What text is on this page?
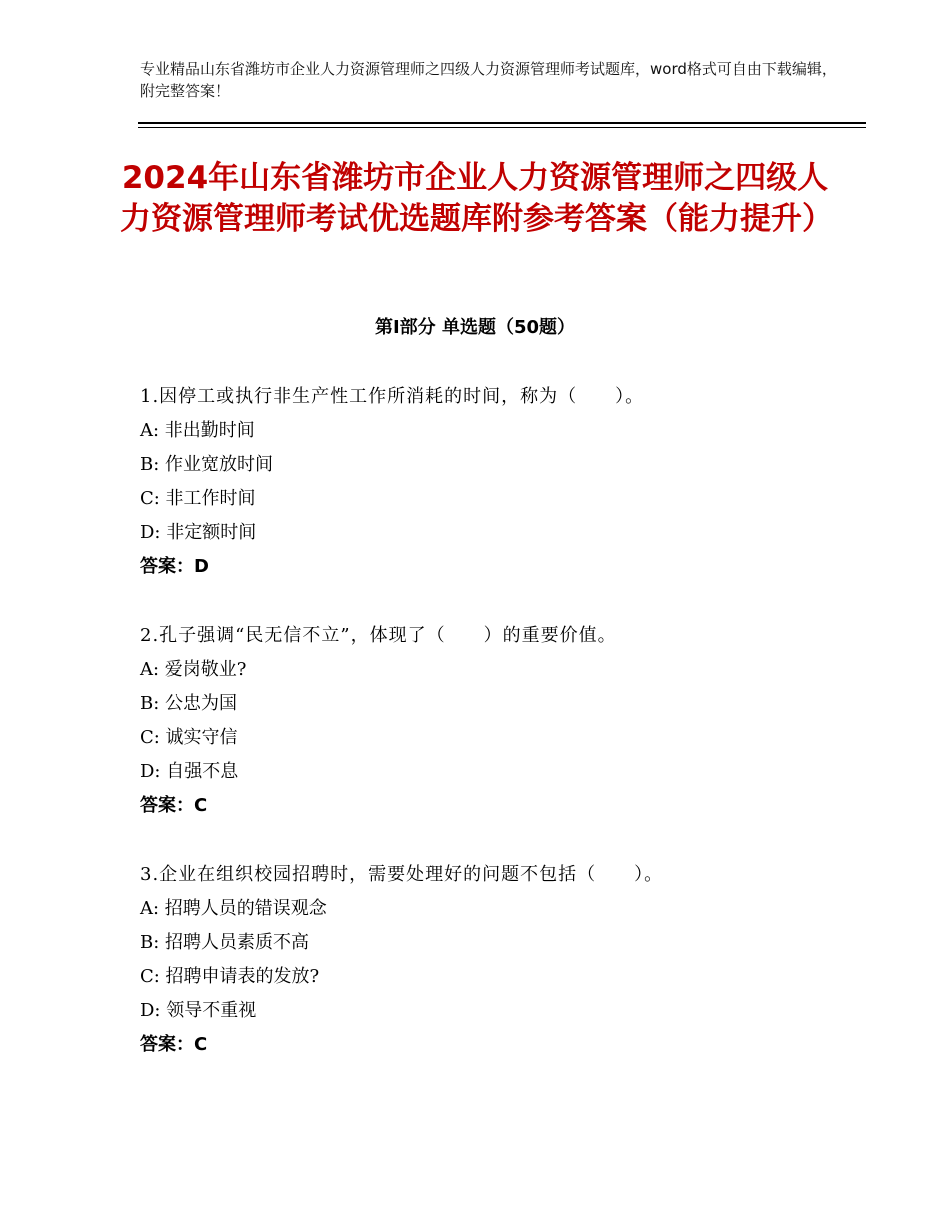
专业精品山东省潍坊市企业人力资源管理师之四级人力资源管理师考试题库，word格式可自由下载编辑，附完整答案！
2024年山东省潍坊市企业人力资源管理师之四级人力资源管理师考试优选题库附参考答案（能力提升）
第Ⅰ部分 单选题（50题）
1.因停工或执行非生产性工作所消耗的时间，称为（　　）。
A: 非出勤时间
B: 作业宽放时间
C: 非工作时间
D: 非定额时间
答案：D
2.孔子强调“民无信不立”，体现了（　　）的重要价值。
A: 爱岗敬业?
B: 公忠为国
C: 诚实守信
D: 自强不息
答案：C
3.企业在组织校园招聘时，需要处理好的问题不包括（　　）。
A: 招聘人员的错误观念
B: 招聘人员素质不高
C: 招聘申请表的发放?
D: 领导不重视
答案：C
